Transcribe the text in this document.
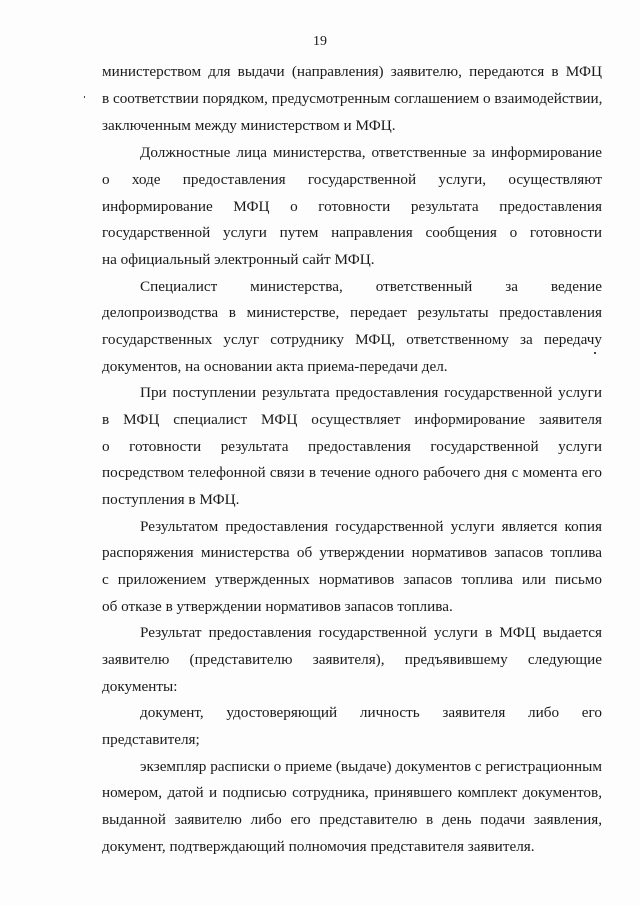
19
министерством для выдачи (направления) заявителю, передаются в МФЦ
в соответствии порядком, предусмотренным соглашением о взаимодействии,
заключенным между министерством и МФЦ.
Должностные лица министерства, ответственные за информирование
о ходе предоставления государственной услуги, осуществляют
информирование МФЦ о готовности результата предоставления
государственной услуги путем направления сообщения о готовности
на официальный электронный сайт МФЦ.
Специалист министерства, ответственный за ведение
делопроизводства в министерстве, передает результаты предоставления
государственных услуг сотруднику МФЦ, ответственному за передачу
документов, на основании акта приема-передачи дел.
При поступлении результата предоставления государственной услуги
в МФЦ специалист МФЦ осуществляет информирование заявителя
о готовности результата предоставления государственной услуги
посредством телефонной связи в течение одного рабочего дня с момента его
поступления в МФЦ.
Результатом предоставления государственной услуги является копия
распоряжения министерства об утверждении нормативов запасов топлива
с приложением утвержденных нормативов запасов топлива или письмо
об отказе в утверждении нормативов запасов топлива.
Результат предоставления государственной услуги в МФЦ выдается
заявителю (представителю заявителя), предъявившему следующие
документы:
документ, удостоверяющий личность заявителя либо его
представителя;
экземпляр расписки о приеме (выдаче) документов с регистрационным
номером, датой и подписью сотрудника, принявшего комплект документов,
выданной заявителю либо его представителю в день подачи заявления,
документ, подтверждающий полномочия представителя заявителя.
